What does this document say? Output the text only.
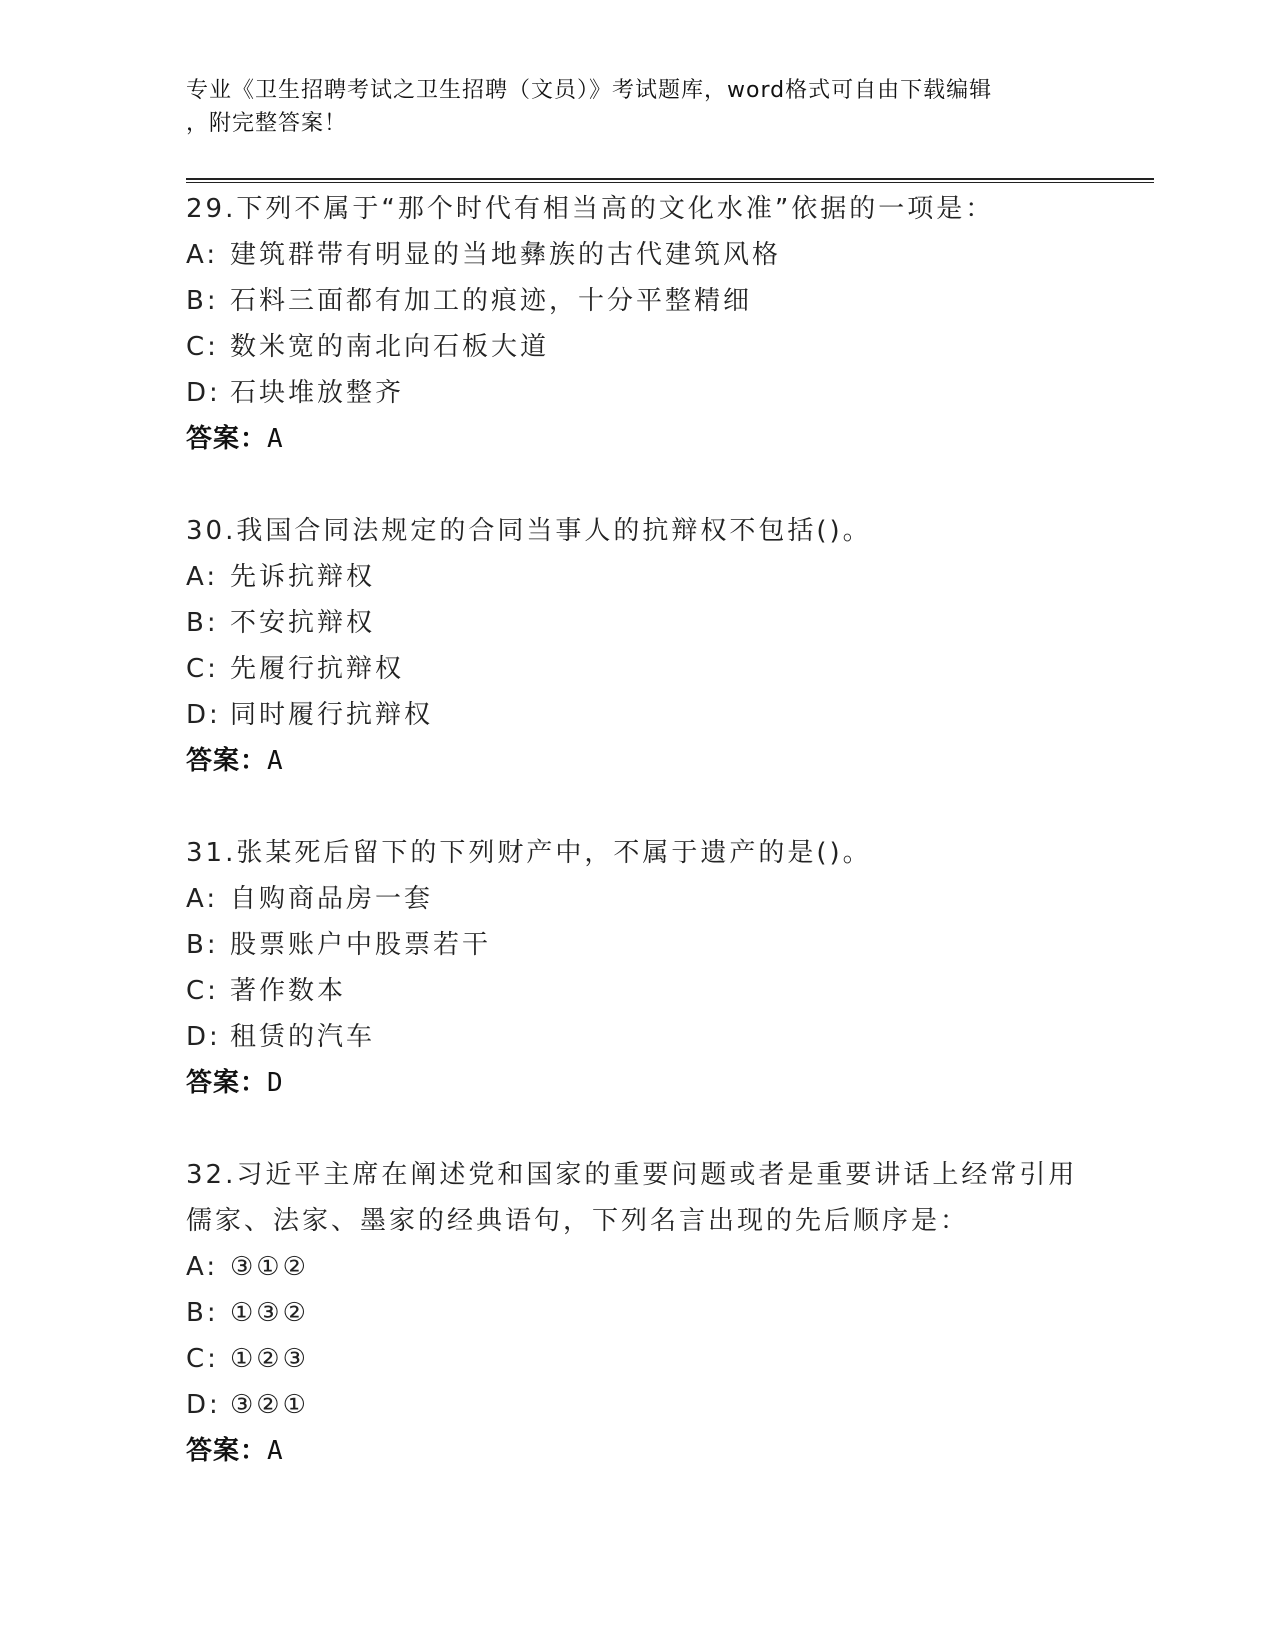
专业《卫生招聘考试之卫生招聘（文员）》考试题库，word格式可自由下载编辑
，附完整答案！
29.下列不属于“那个时代有相当高的文化水准”依据的一项是：
A: 建筑群带有明显的当地彝族的古代建筑风格
B: 石料三面都有加工的痕迹，十分平整精细
C: 数米宽的南北向石板大道
D: 石块堆放整齐
答案：A
30.我国合同法规定的合同当事人的抗辩权不包括()。
A: 先诉抗辩权
B: 不安抗辩权
C: 先履行抗辩权
D: 同时履行抗辩权
答案：A
31.张某死后留下的下列财产中，不属于遗产的是()。
A: 自购商品房一套
B: 股票账户中股票若干
C: 著作数本
D: 租赁的汽车
答案：D
32.习近平主席在阐述党和国家的重要问题或者是重要讲话上经常引用
儒家、法家、墨家的经典语句，下列名言出现的先后顺序是：
A: ③①②
B: ①③②
C: ①②③
D: ③②①
答案：A
